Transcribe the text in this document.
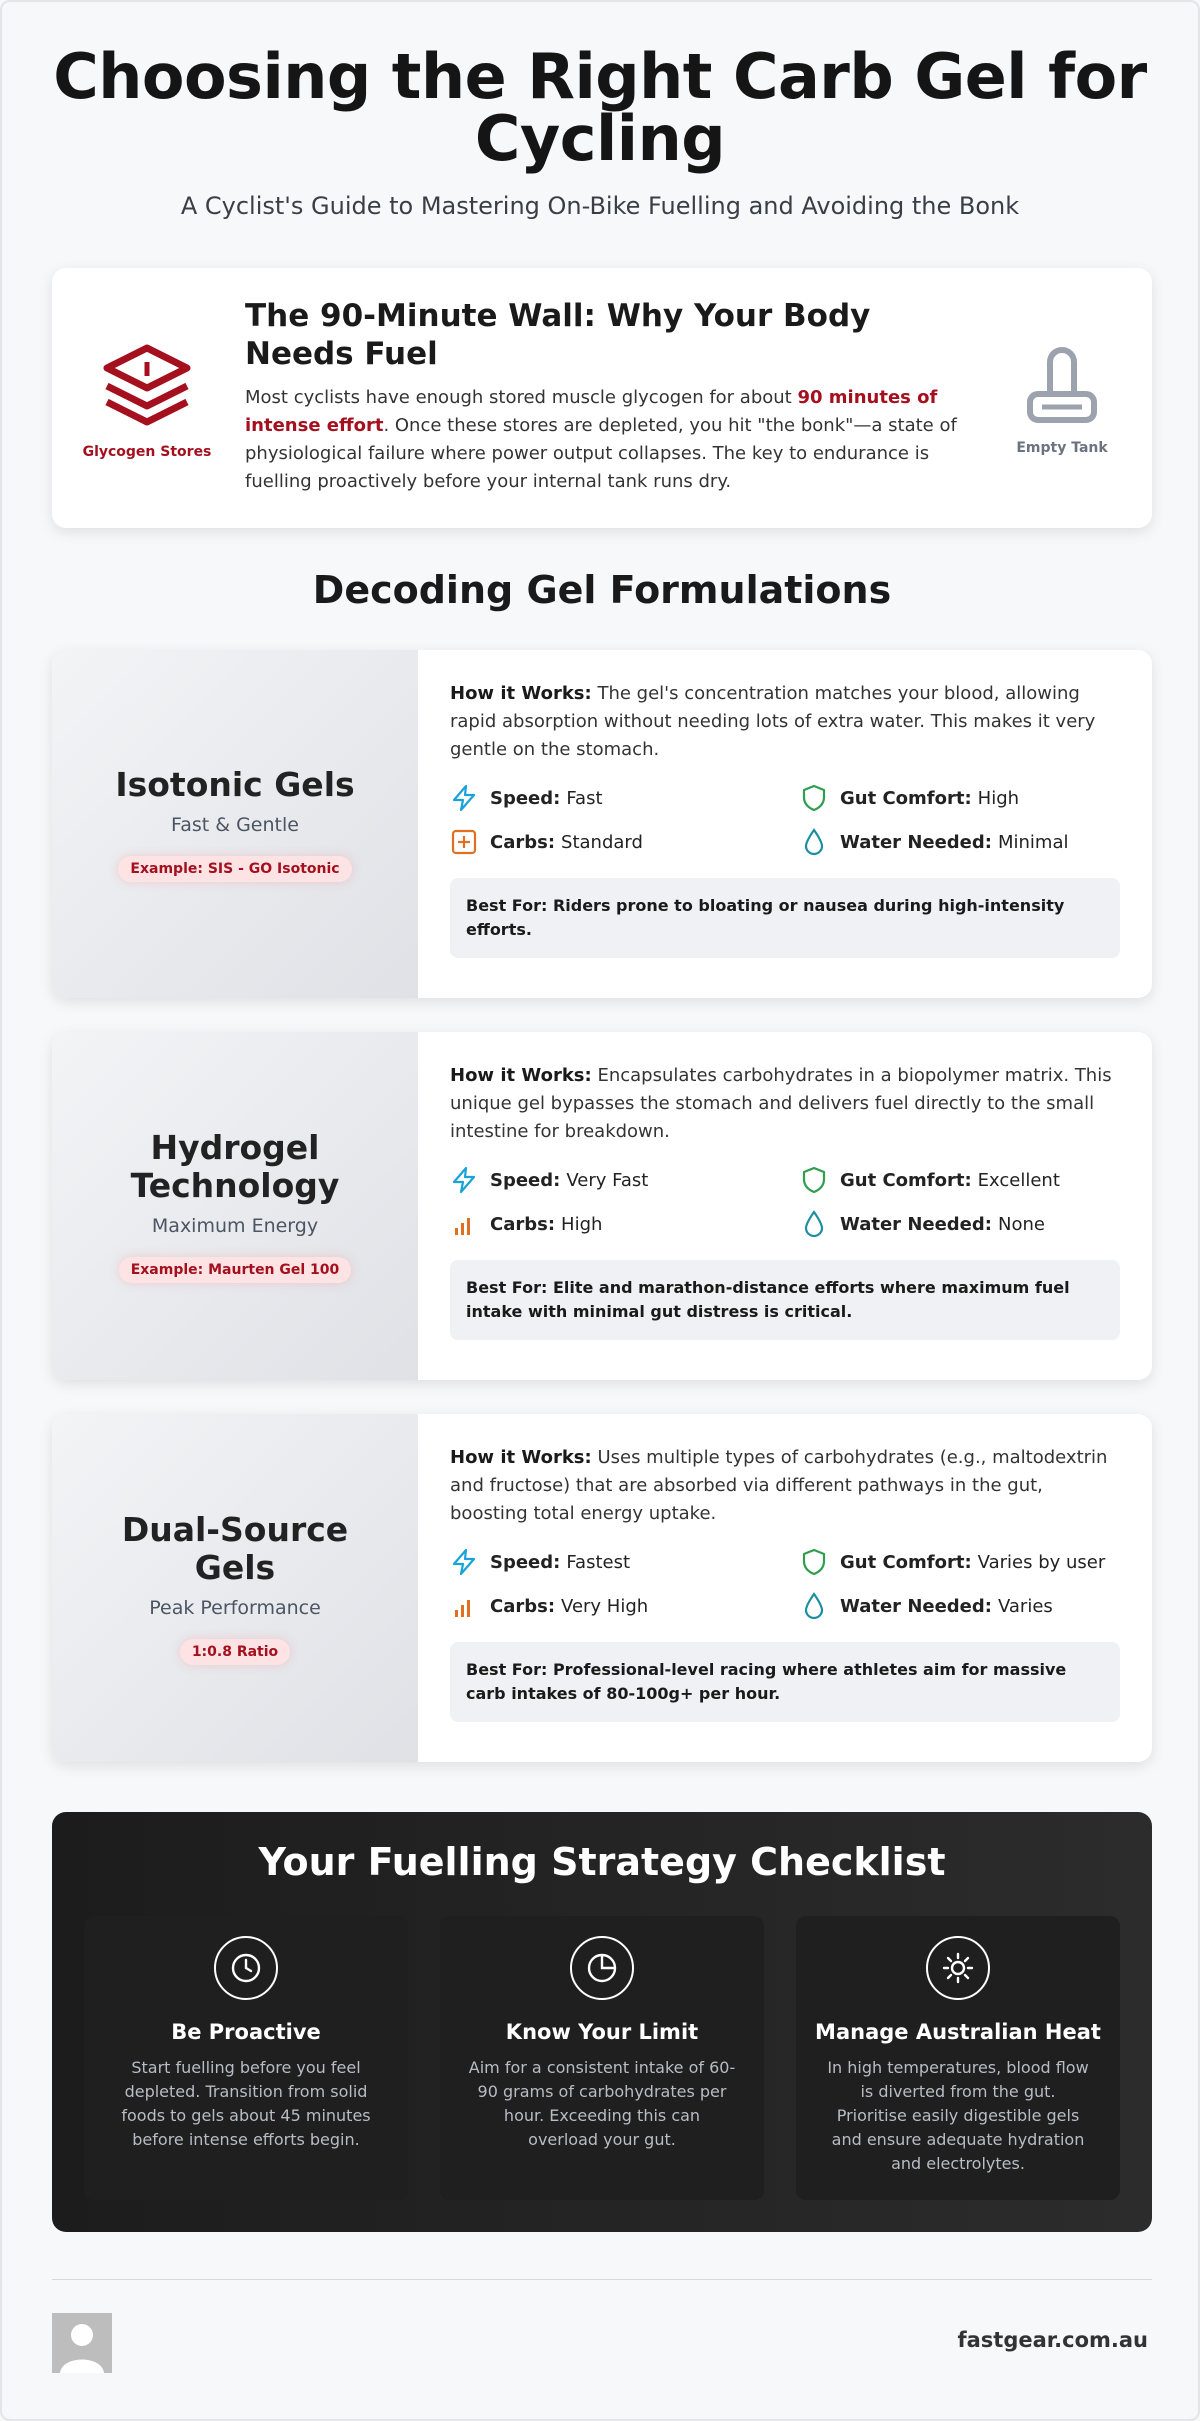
Choosing the Right Carb Gel for Cycling
A Cyclist's Guide to Mastering On-Bike Fuelling and Avoiding the Bonk
Glycogen Stores
The 90-Minute Wall: Why Your Body Needs Fuel

Most cyclists have enough stored muscle glycogen for about 90 minutes of intense effort. Once these stores are depleted, you hit "the bonk"—a state of physiological failure where power output collapses. The key to endurance is fuelling proactively before your internal tank runs dry.

Empty Tank
Decoding Gel Formulations
Isotonic Gels
Fast & Gentle
Example: SIS - GO Isotonic
How it Works: The gel's concentration matches your blood, allowing rapid absorption without needing lots of extra water. This makes it very gentle on the stomach.
Speed: Fast	Gut Comfort: High
Carbs: Standard	Water Needed: Minimal
Best For: Riders prone to bloating or nausea during high-intensity efforts.
Hydrogel Technology
Maximum Energy
Example: Maurten Gel 100
How it Works: Encapsulates carbohydrates in a biopolymer matrix. This unique gel bypasses the stomach and delivers fuel directly to the small intestine for breakdown.
Speed: Very Fast	Gut Comfort: Excellent
Carbs: High	Water Needed: None
Best For: Elite and marathon-distance efforts where maximum fuel intake with minimal gut distress is critical.
Dual-Source Gels
Peak Performance
1:0.8 Ratio
How it Works: Uses multiple types of carbohydrates (e.g., maltodextrin and fructose) that are absorbed via different pathways in the gut, boosting total energy uptake.
Speed: Fastest	Gut Comfort: Varies by user
Carbs: Very High	Water Needed: Varies
Best For: Professional-level racing where athletes aim for massive carb intakes of 80-100g+ per hour.
Your Fuelling Strategy Checklist
Be Proactive
Start fuelling before you feel depleted. Transition from solid foods to gels about 45 minutes before intense efforts begin.
Know Your Limit
Aim for a consistent intake of 60-90 grams of carbohydrates per hour. Exceeding this can overload your gut.
Manage Australian Heat
In high temperatures, blood flow is diverted from the gut. Prioritise easily digestible gels and ensure adequate hydration and electrolytes.
fastgear.com.au
